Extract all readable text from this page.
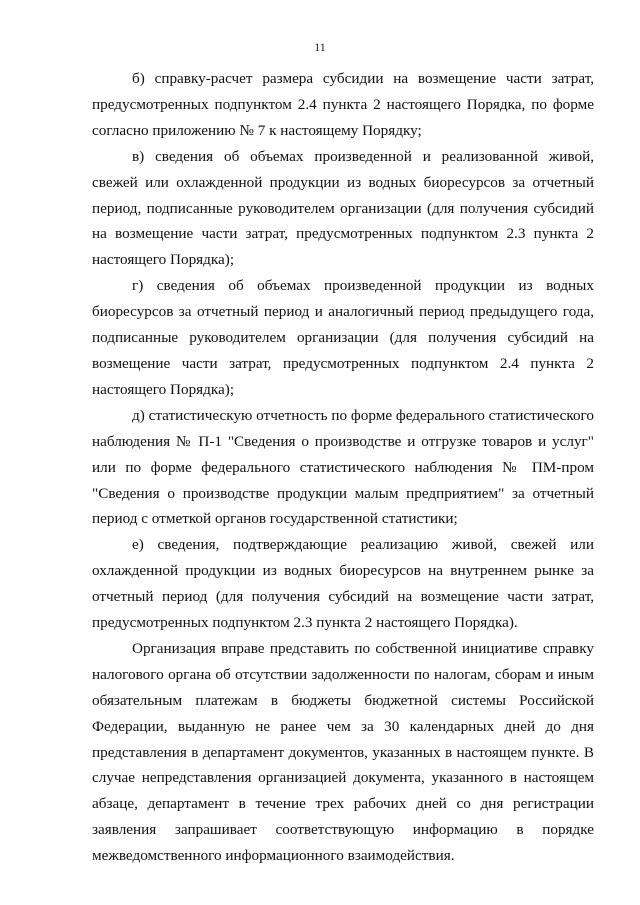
11

б) справку-расчет размера субсидии на возмещение части затрат, предусмотренных подпунктом 2.4 пункта 2 настоящего Порядка, по форме согласно приложению № 7 к настоящему Порядку;

в) сведения об объемах произведенной и реализованной живой, свежей или охлажденной продукции из водных биоресурсов за отчетный период, подписанные руководителем организации (для получения субсидий на возмещение части затрат, предусмотренных подпунктом 2.3 пункта 2 настоящего Порядка);

г) сведения об объемах произведенной продукции из водных биоресурсов за отчетный период и аналогичный период предыдущего года, подписанные руководителем организации (для получения субсидий на возмещение части затрат, предусмотренных подпунктом 2.4 пункта 2 настоящего Порядка);

д) статистическую отчетность по форме федерального статистического наблюдения № П-1 "Сведения о производстве и отгрузке товаров и услуг" или по форме федерального статистического наблюдения № ПМ-пром "Сведения о производстве продукции малым предприятием" за отчетный период с отметкой органов государственной статистики;

е) сведения, подтверждающие реализацию живой, свежей или охлажденной продукции из водных биоресурсов на внутреннем рынке за отчетный период (для получения субсидий на возмещение части затрат, предусмотренных подпунктом 2.3 пункта 2 настоящего Порядка).

Организация вправе представить по собственной инициативе справку налогового органа об отсутствии задолженности по налогам, сборам и иным обязательным платежам в бюджеты бюджетной системы Российской Федерации, выданную не ранее чем за 30 календарных дней до дня представления в департамент документов, указанных в настоящем пункте. В случае непредставления организацией документа, указанного в настоящем абзаце, департамент в течение трех рабочих дней со дня регистрации заявления запрашивает соответствующую информацию в порядке межведомственного информационного взаимодействия.
